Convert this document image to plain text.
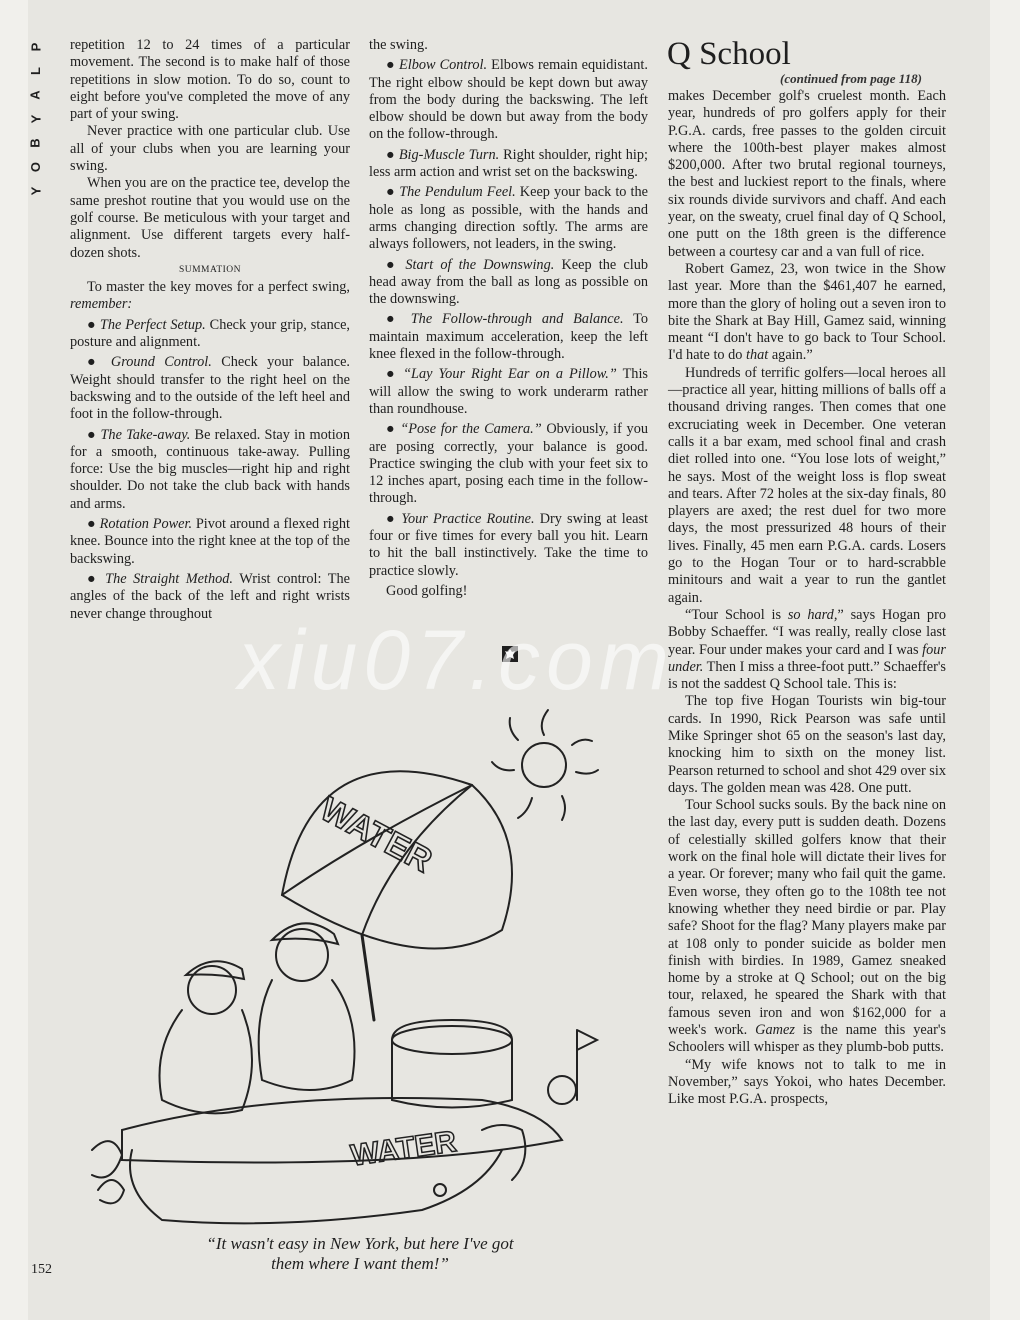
P
L
A
Y
B
O
Y

repetition 12 to 24 times of a particular movement. The second is to make half of those repetitions in slow motion. To do so, count to eight before you've completed the move of any part of your swing.

Never practice with one particular club. Use all of your clubs when you are learning your swing.

When you are on the practice tee, develop the same preshot routine that you would use on the golf course. Be meticulous with your target and alignment. Use different targets every half-dozen shots.

SUMMATION

To master the key moves for a perfect swing, remember:

● The Perfect Setup. Check your grip, stance, posture and alignment.

● Ground Control. Check your balance. Weight should transfer to the right heel on the backswing and to the outside of the left heel and foot in the follow-through.

● The Take-away. Be relaxed. Stay in motion for a smooth, continuous take-away. Pulling force: Use the big muscles—right hip and right shoulder. Do not take the club back with hands and arms.

● Rotation Power. Pivot around a flexed right knee. Bounce into the right knee at the top of the backswing.

● The Straight Method. Wrist control: The angles of the back of the left and right wrists never change throughout

the swing.

● Elbow Control. Elbows remain equidistant. The right elbow should be kept down but away from the body during the backswing. The left elbow should be down but away from the body on the follow-through.

● Big-Muscle Turn. Right shoulder, right hip; less arm action and wrist set on the backswing.

● The Pendulum Feel. Keep your back to the hole as long as possible, with the hands and arms changing direction softly. The arms are always followers, not leaders, in the swing.

● Start of the Downswing. Keep the club head away from the ball as long as possible on the downswing.

● The Follow-through and Balance. To maintain maximum acceleration, keep the left knee flexed in the follow-through.

● “Lay Your Right Ear on a Pillow.” This will allow the swing to work underarm rather than roundhouse.

● “Pose for the Camera.” Obviously, if you are posing correctly, your balance is good. Practice swinging the club with your feet six to 12 inches apart, posing each time in the follow-through.

● Your Practice Routine. Dry swing at least four or five times for every ball you hit. Learn to hit the ball instinctively. Take the time to practice slowly.

Good golfing!

Q School
(continued from page 118)

makes December golf's cruelest month. Each year, hundreds of pro golfers apply for their P.G.A. cards, free passes to the golden circuit where the 100th-best player makes almost $200,000. After two brutal regional tourneys, the best and luckiest report to the finals, where six rounds divide survivors and chaff. And each year, on the sweaty, cruel final day of Q School, one putt on the 18th green is the difference between a courtesy car and a van full of rice.

Robert Gamez, 23, won twice in the Show last year. More than the $461,407 he earned, more than the glory of holing out a seven iron to bite the Shark at Bay Hill, Gamez said, winning meant “I don't have to go back to Tour School. I'd hate to do that again.”

Hundreds of terrific golfers—local heroes all—practice all year, hitting millions of balls off a thousand driving ranges. Then comes that one excruciating week in December. One veteran calls it a bar exam, med school final and crash diet rolled into one. “You lose lots of weight,” he says. Most of the weight loss is flop sweat and tears. After 72 holes at the six-day finals, 80 players are axed; the rest duel for two more days, the most pressurized 48 hours of their lives. Finally, 45 men earn P.G.A. cards. Losers go to the Hogan Tour or to hard-scrabble minitours and wait a year to run the gantlet again.

“Tour School is so hard,” says Hogan pro Bobby Schaeffer. “I was really, really close last year. Four under makes your card and I was four under. Then I miss a three-foot putt.” Schaeffer's is not the saddest Q School tale. This is:

The top five Hogan Tourists win big-tour cards. In 1990, Rick Pearson was safe until Mike Springer shot 65 on the season's last day, knocking him to sixth on the money list. Pearson returned to school and shot 429 over six days. The golden mean was 428. One putt.

Tour School sucks souls. By the back nine on the last day, every putt is sudden death. Dozens of celestially skilled golfers know that their work on the final hole will dictate their lives for a year. Or forever; many who fail quit the game. Even worse, they often go to the 108th tee not knowing whether they need birdie or par. Play safe? Shoot for the flag? Many players make par at 108 only to ponder suicide as bolder men finish with birdies. In 1989, Gamez sneaked home by a stroke at Q School; out on the big tour, relaxed, he speared the Shark with that famous seven iron and won $162,000 for a week's work. Gamez is the name this year's Schoolers will whisper as they plumb-bob putts.

“My wife knows not to talk to me in November,” says Yokoi, who hates December. Like most P.G.A. prospects,

WATER
WATER
“It wasn't easy in New York, but here I've got
them where I want them!”
152
xiu07.com
